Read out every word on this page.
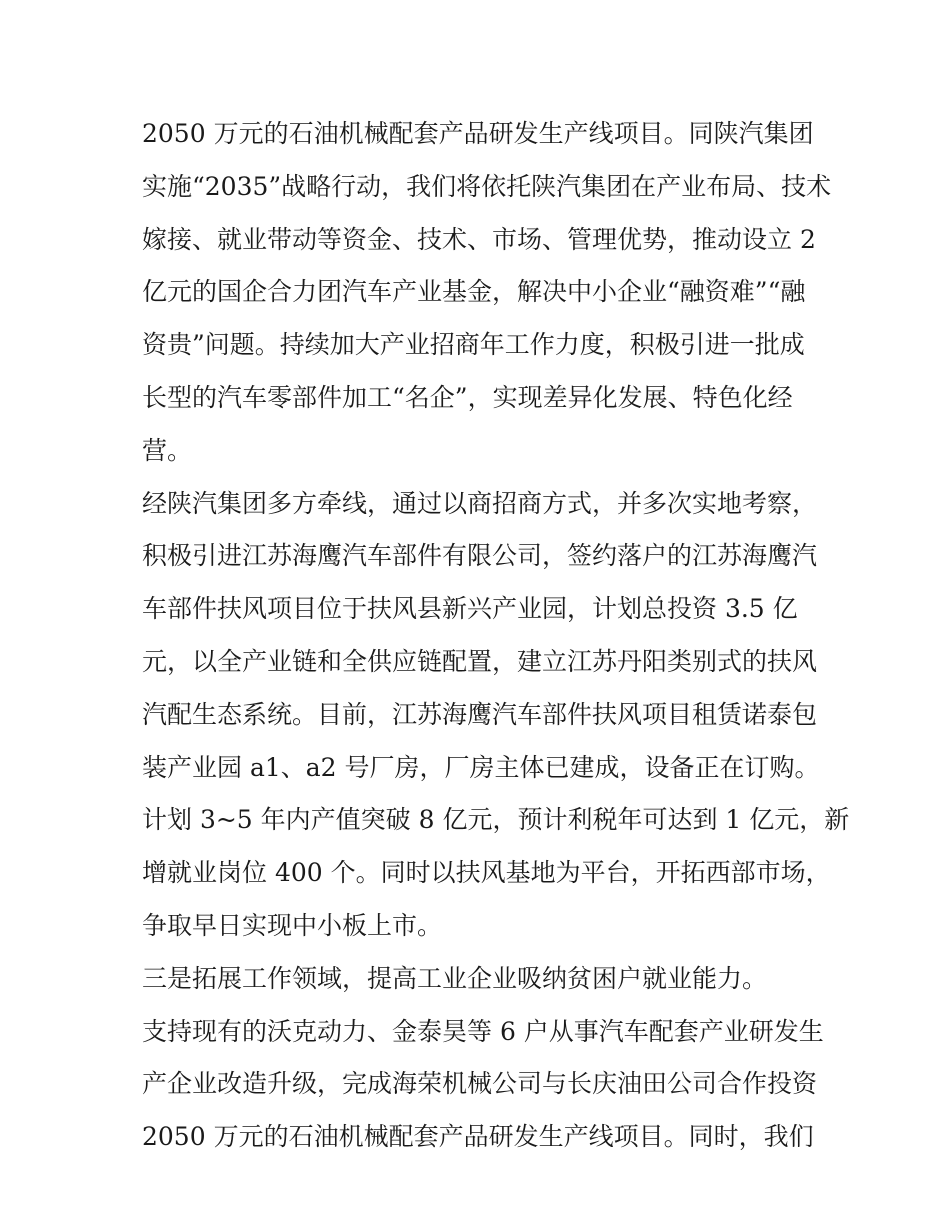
2050 万元的石油机械配套产品研发生产线项目。同陕汽集团
实施“2035”战略行动，我们将依托陕汽集团在产业布局、技术
嫁接、就业带动等资金、技术、市场、管理优势，推动设立 2
亿元的国企合力团汽车产业基金，解决中小企业“融资难”“融
资贵”问题。持续加大产业招商年工作力度，积极引进一批成
长型的汽车零部件加工“名企”，实现差异化发展、特色化经
营。
经陕汽集团多方牵线，通过以商招商方式，并多次实地考察，
积极引进江苏海鹰汽车部件有限公司，签约落户的江苏海鹰汽
车部件扶风项目位于扶风县新兴产业园，计划总投资 3.5 亿
元，以全产业链和全供应链配置，建立江苏丹阳类别式的扶风
汽配生态系统。目前，江苏海鹰汽车部件扶风项目租赁诺泰包
装产业园 a1、a2 号厂房，厂房主体已建成，设备正在订购。
计划 3~5 年内产值突破 8 亿元，预计利税年可达到 1 亿元，新
增就业岗位 400 个。同时以扶风基地为平台，开拓西部市场，
争取早日实现中小板上市。
三是拓展工作领域，提高工业企业吸纳贫困户就业能力。
支持现有的沃克动力、金泰昊等 6 户从事汽车配套产业研发生
产企业改造升级，完成海荣机械公司与长庆油田公司合作投资
2050 万元的石油机械配套产品研发生产线项目。同时，我们
